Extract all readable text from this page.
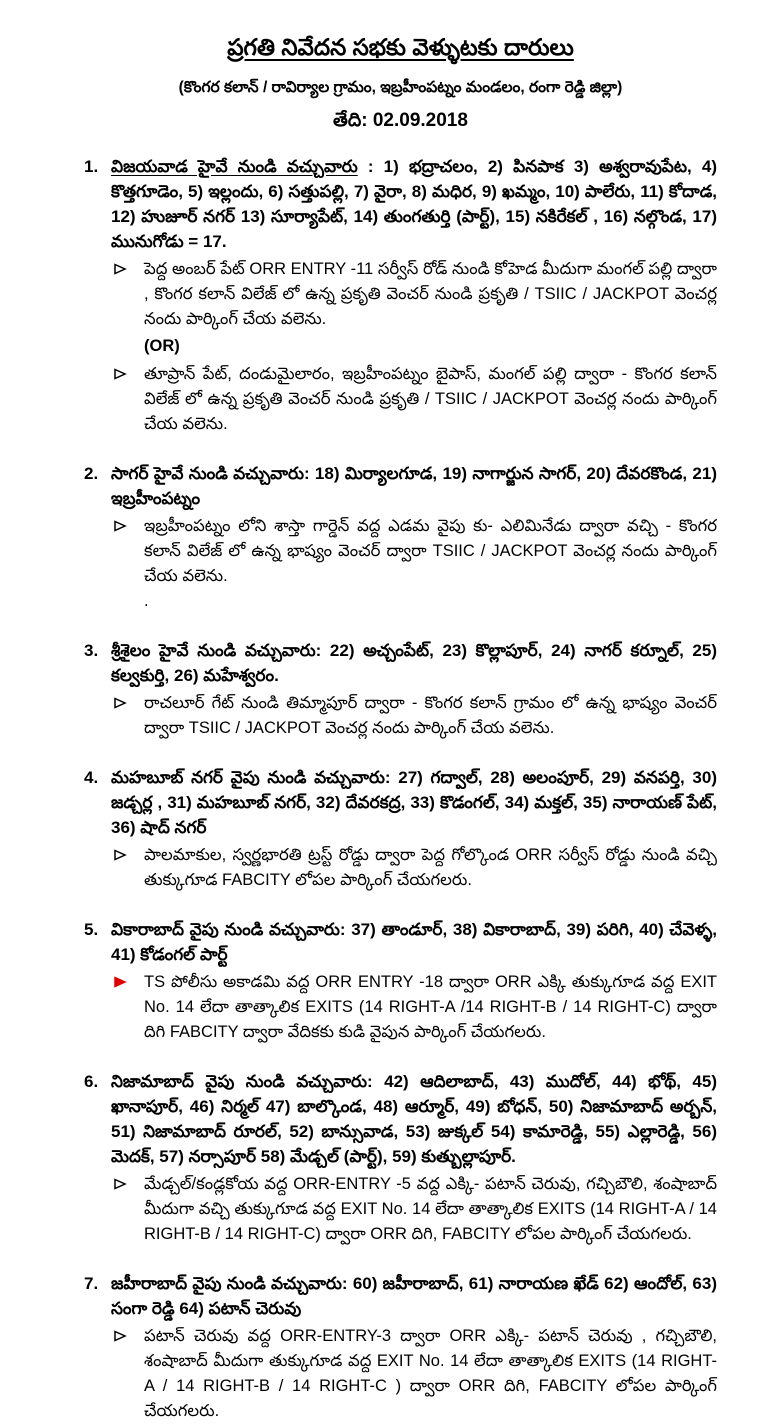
ప్రగతి నివేదన సభకు వెళ్ళుటకు దారులు
(కొంగర కలాన్ / రావిర్యాల గ్రామం, ఇబ్రహీంపట్నం మండలం, రంగా రెడ్డి జిల్లా)
తేది: 02.09.2018
1. విజయవాడ హైవే నుండి వచ్చువారు : 1) భద్రాచలం, 2) పినపాక 3) అశ్వరావుపేట, 4) కొత్తగూడెం, 5) ఇల్లందు, 6) సత్తుపల్లి, 7) వైరా, 8) మధిర, 9) ఖమ్మం, 10) పాలేరు, 11) కోదాడ, 12) హుజూర్ నగర్ 13) సూర్యాపేట్, 14) తుంగతుర్తి (పార్ట్), 15) నకిరేకల్ , 16) నల్గొండ, 17) మునుగోడు = 17.
పెద్ద అంబర్ పేట్ ORR ENTRY -11 సర్వీస్ రోడ్ నుండి కోహెడ మీదుగా మంగల్ పల్లి ద్వారా , కొంగర కలాన్ విలేజ్ లో ఉన్న ప్రకృతి వెంచర్ నుండి ప్రకృతి / TSIIC / JACKPOT వెంచర్ల నందు పార్కింగ్ చేయ వలెను.
(OR)
తూప్రాన్ పేట్, దండుమైలారం, ఇబ్రహీంపట్నం బైపాస్, మంగల్ పల్లి ద్వారా - కొంగర కలాన్ విలేజ్ లో ఉన్న ప్రకృతి వెంచర్ నుండి ప్రకృతి / TSIIC / JACKPOT వెంచర్ల నందు పార్కింగ్ చేయ వలెను.
2. సాగర్ హైవే నుండి వచ్చువారు: 18) మిర్యాలగూడ, 19) నాగార్జున సాగర్, 20) దేవరకొండ, 21) ఇబ్రహీంపట్నం
ఇబ్రహీంపట్నం లోని శాస్తా గార్డెన్ వద్ద ఎడమ వైపు కు- ఎలిమినేడు ద్వారా వచ్చి - కొంగర కలాన్ విలేజ్ లో ఉన్న భాష్యం వెంచర్ ద్వారా TSIIC / JACKPOT వెంచర్ల నందు పార్కింగ్ చేయ వలెను.
.
3. శ్రీశైలం హైవే నుండి వచ్చువారు: 22) అచ్చంపేట్, 23) కొల్లాపూర్, 24) నాగర్ కర్నూల్, 25) కల్వకుర్తి, 26) మహేశ్వరం.
రాచలూర్ గేట్ నుండి తిమ్మాపూర్ ద్వారా - కొంగర కలాన్ గ్రామం లో ఉన్న భాష్యం వెంచర్ ద్వారా TSIIC / JACKPOT వెంచర్ల నందు పార్కింగ్ చేయ వలెను.
4. మహబూబ్ నగర్ వైపు నుండి వచ్చువారు: 27) గద్వాల్, 28) అలంపూర్, 29) వనపర్తి, 30) జడ్చర్ల , 31) మహబూబ్ నగర్, 32) దేవరకద్ర, 33) కొడంగల్, 34) మక్తల్, 35) నారాయణ్ పేట్, 36) షాద్ నగర్
పాలమాకుల, స్వర్ణభారతి ట్రస్ట్ రోడ్డు ద్వారా పెద్ద గోల్కొండ ORR సర్వీస్ రోడ్డు నుండి వచ్చి తుక్కుగూడ FABCITY లోపల పార్కింగ్ చేయగలరు.
5. వికారాబాద్ వైపు నుండి వచ్చువారు: 37) తాండూర్, 38) వికారాబాద్, 39) పరిగి, 40) చేవెళ్ళ, 41) కోడంగల్ పార్ట్
TS పోలీసు అకాడమి వద్ద ORR ENTRY -18 ద్వారా ORR ఎక్కి తుక్కుగూడ వద్ద EXIT No. 14 లేదా తాత్కాలిక EXITS (14 RIGHT-A /14 RIGHT-B / 14 RIGHT-C) ద్వారా దిగి FABCITY ద్వారా వేదికకు కుడి వైపున పార్కింగ్ చేయగలరు.
6. నిజామాబాద్ వైపు నుండి వచ్చువారు: 42) ఆదిలాబాద్, 43) ముదోల్, 44) భోథ్, 45) ఖానాపూర్, 46) నిర్మల్ 47) బాల్కొండ, 48) ఆర్మూర్, 49) బోధన్, 50) నిజామాబాద్ అర్బన్, 51) నిజామాబాద్ రూరల్, 52) బాన్సువాడ, 53) జుక్కల్ 54) కామారెడ్డి, 55) ఎల్లారెడ్డి, 56) మెదక్, 57) నర్సాపూర్ 58) మేడ్చల్ (పార్ట్), 59) కుత్బుల్లాపూర్.
మేడ్చల్/కండ్లకోయ వద్ద ORR-ENTRY -5 వద్ద ఎక్కి- పటాన్ చెరువు, గచ్చిబౌలి, శంషాబాద్ మీదుగా వచ్చి తుక్కుగూడ వద్ద EXIT No. 14 లేదా తాత్కాలిక EXITS (14 RIGHT-A / 14 RIGHT-B / 14 RIGHT-C) ద్వారా ORR దిగి, FABCITY లోపల పార్కింగ్ చేయగలరు.
7. జహీరాబాద్ వైపు నుండి వచ్చువారు: 60) జహీరాబాద్, 61) నారాయణ ఖేడ్ 62) ఆందోల్, 63) సంగా రెడ్డి 64) పటాన్ చెరువు
పటాన్ చెరువు వద్ద ORR-ENTRY-3 ద్వారా ORR ఎక్కి- పటాన్ చెరువు , గచ్చిబౌలి, శంషాబాద్ మీదుగా తుక్కుగూడ వద్ద EXIT No. 14 లేదా తాత్కాలిక EXITS (14 RIGHT-A / 14 RIGHT-B / 14 RIGHT-C ) ద్వారా ORR దిగి, FABCITY లోపల పార్కింగ్ చేయగలరు.
